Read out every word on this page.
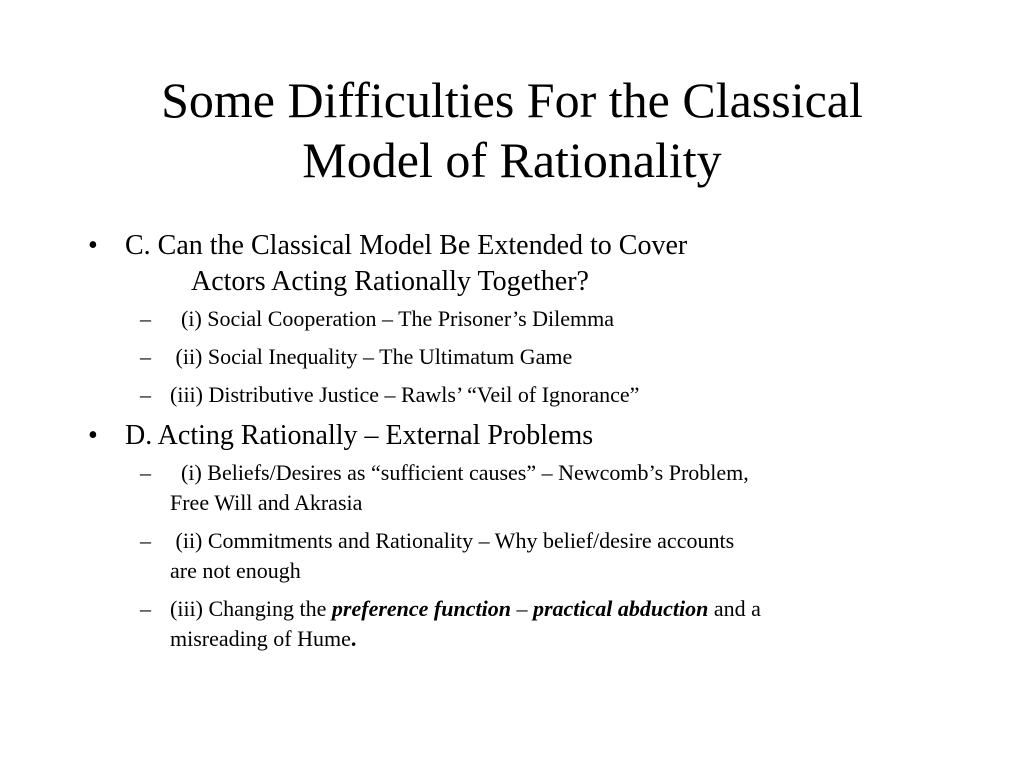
Some Difficulties For the Classical
Model of Rationality
• C. Can the Classical Model Be Extended to Cover
Actors Acting Rationally Together?
– (i) Social Cooperation – The Prisoner’s Dilemma
– (ii) Social Inequality – The Ultimatum Game
– (iii) Distributive Justice – Rawls’ “Veil of Ignorance”
• D. Acting Rationally – External Problems
– (i) Beliefs/Desires as “sufficient causes” – Newcomb’s Problem,
Free Will and Akrasia
– (ii) Commitments and Rationality – Why belief/desire accounts
are not enough
– (iii) Changing the preference function – practical abduction and a
misreading of Hume.
